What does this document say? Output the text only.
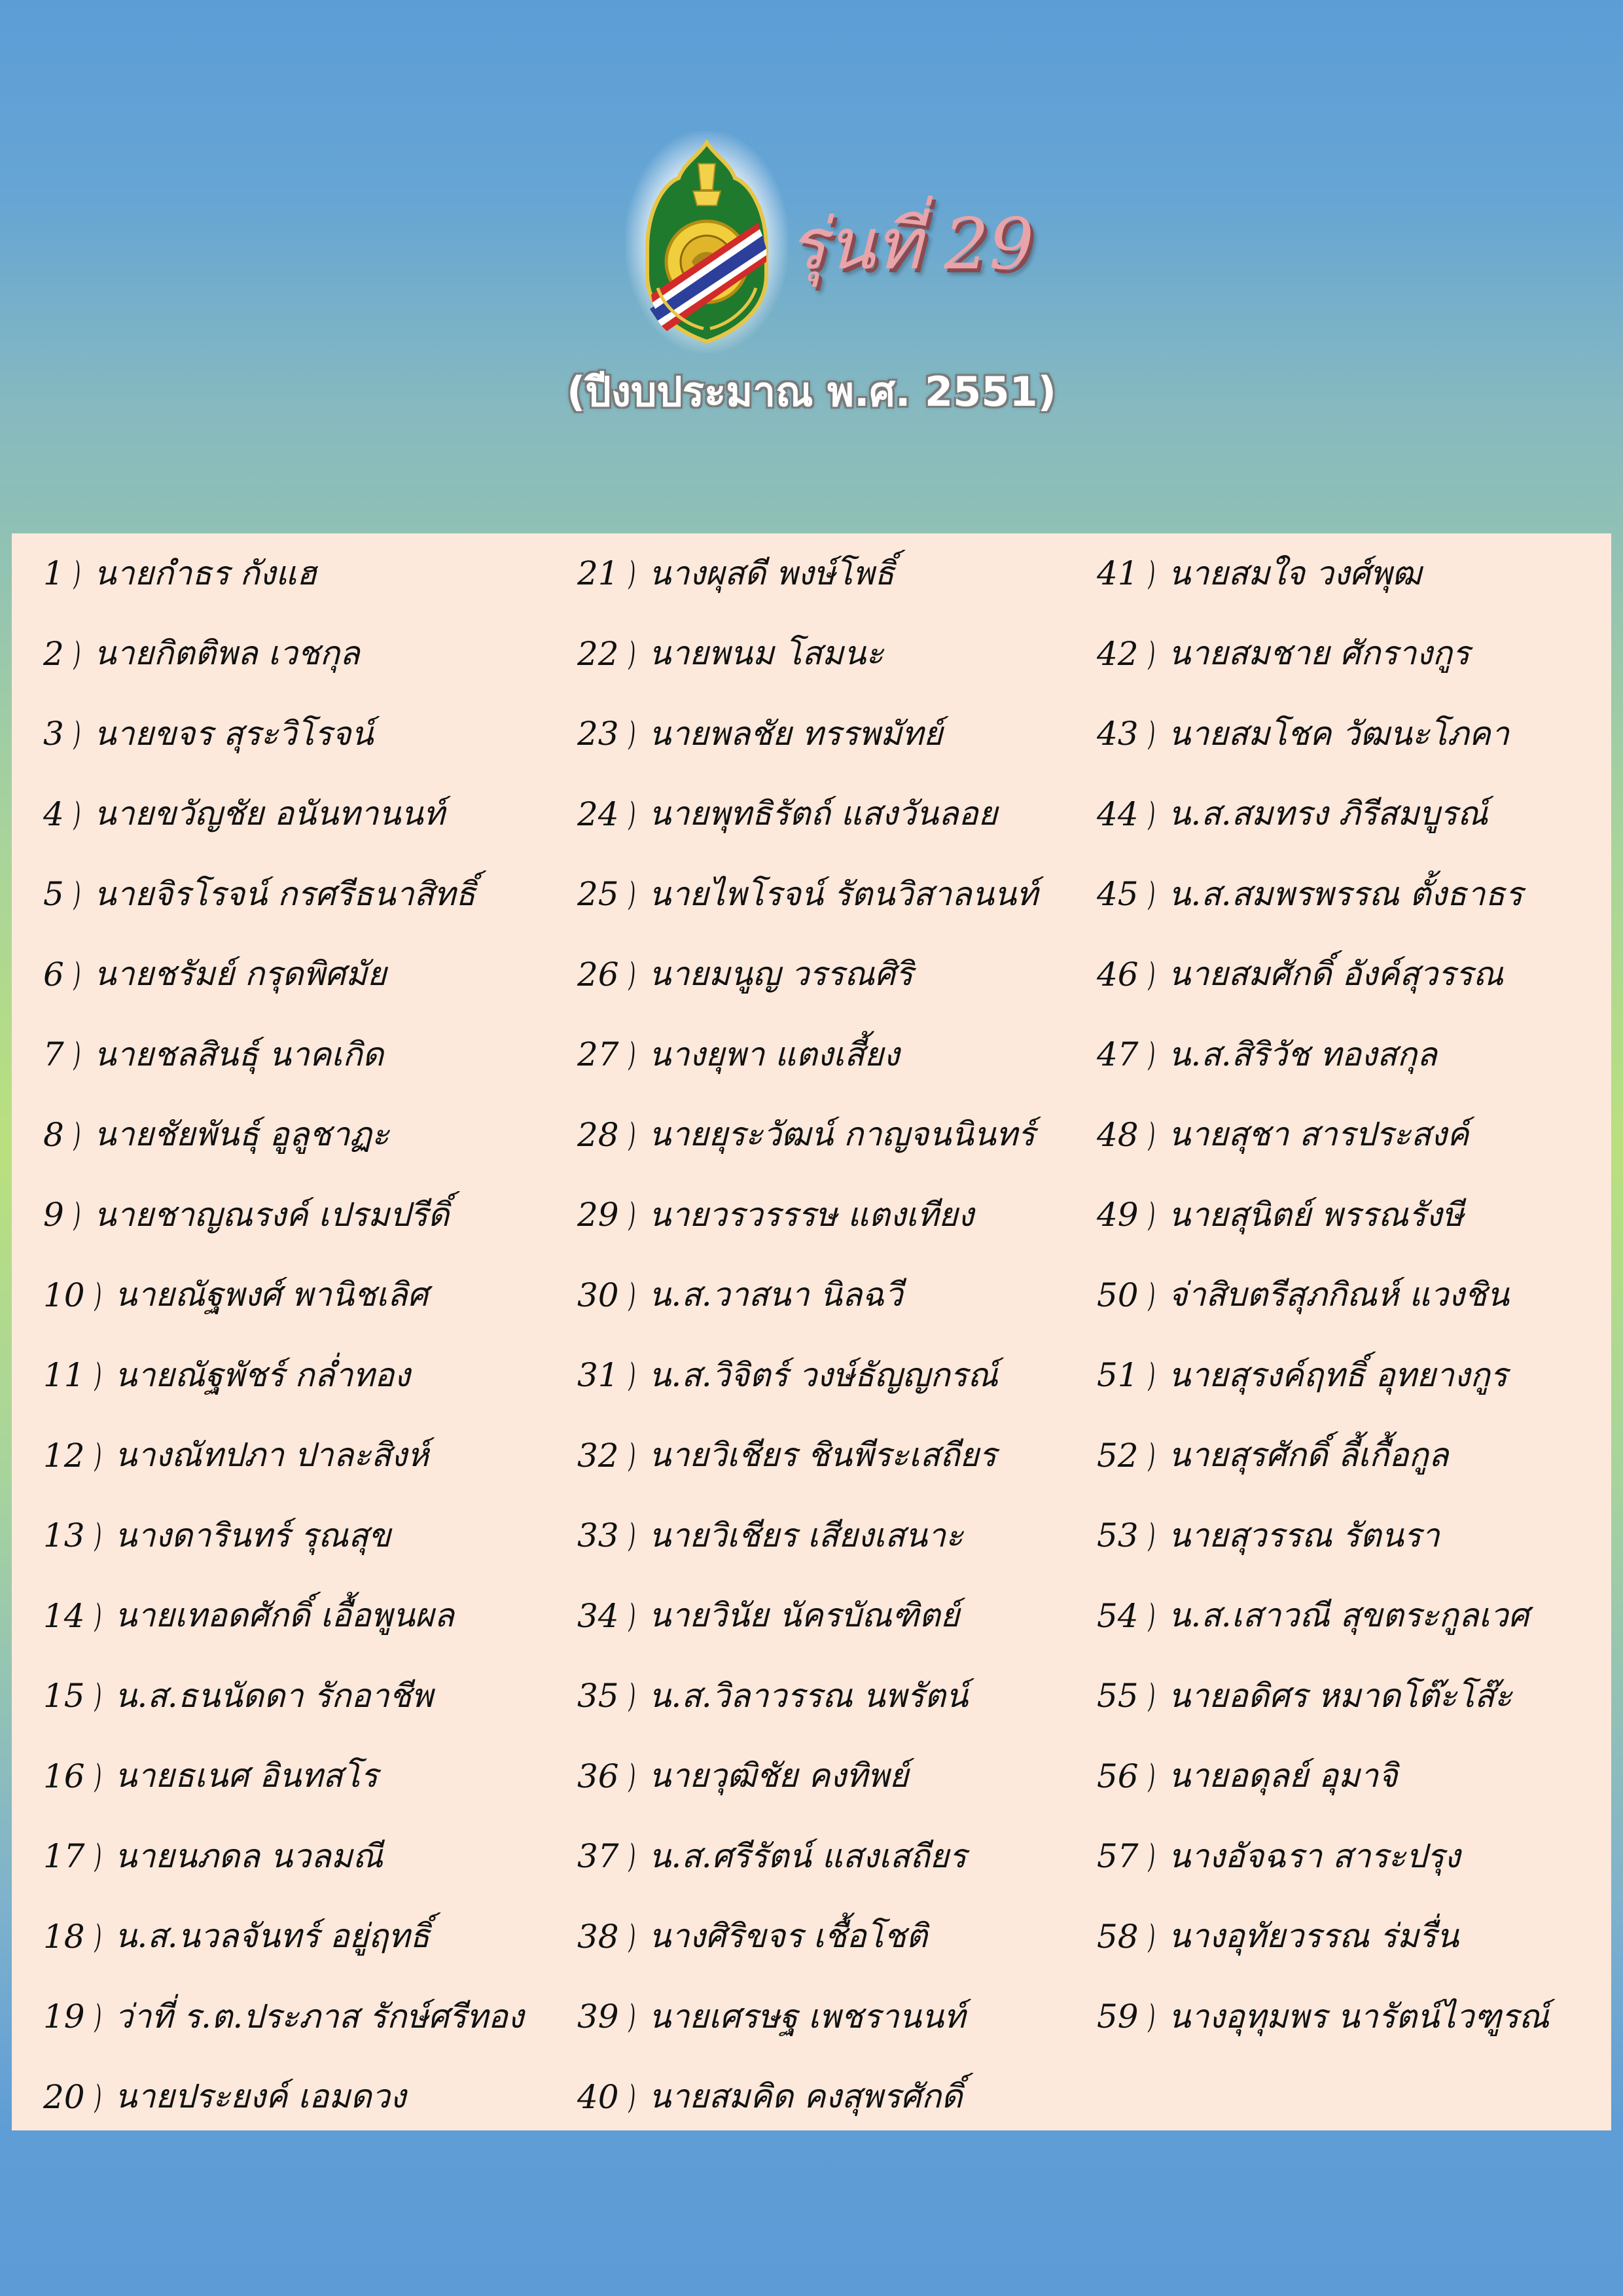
รุ่นที่ 29
(ปีงบประมาณ พ.ศ. 2551)
1 ) นายกำธร กังแฮ
2 ) นายกิตติพล เวชกุล
3 ) นายขจร สุระวิโรจน์
4 ) นายขวัญชัย อนันทานนท์
5 ) นายจิรโรจน์ กรศรีธนาสิทธิ์
6 ) นายชรัมย์ กรุดพิศมัย
7 ) นายชลสินธุ์ นาคเกิด
8 ) นายชัยพันธุ์ อูลูชาฏะ
9 ) นายชาญณรงค์ เปรมปรีดิ์
10 ) นายณัฐพงศ์ พานิชเลิศ
11 ) นายณัฐพัชร์ กล่ำทอง
12 ) นางณัทปภา ปาละสิงห์
13 ) นางดารินทร์ รุณสุข
14 ) นายเทอดศักดิ์ เอื้อพูนผล
15 ) น.ส.ธนนัดดา รักอาชีพ
16 ) นายธเนศ อินทสโร
17 ) นายนภดล นวลมณี
18 ) น.ส.นวลจันทร์ อยู่ฤทธิ์
19 ) ว่าที่ ร.ต.ประภาส รักษ์ศรีทอง
20 ) นายประยงค์ เอมดวง
21 ) นางผุสดี พงษ์โพธิ์
22 ) นายพนม โสมนะ
23 ) นายพลชัย ทรรพมัทย์
24 ) นายพุทธิรัตถ์ แสงวันลอย
25 ) นายไพโรจน์ รัตนวิสาลนนท์
26 ) นายมนูญ วรรณศิริ
27 ) นางยุพา แตงเสี้ยง
28 ) นายยุระวัฒน์ กาญจนนินทร์
29 ) นายวรวรรรษ แตงเทียง
30 ) น.ส.วาสนา นิลฉวี
31 ) น.ส.วิจิตร์ วงษ์ธัญญกรณ์
32 ) นายวิเชียร ชินพีระเสถียร
33 ) นายวิเชียร เสียงเสนาะ
34 ) นายวินัย นัครบัณฑิตย์
35 ) น.ส.วิลาวรรณ นพรัตน์
36 ) นายวุฒิชัย คงทิพย์
37 ) น.ส.ศรีรัตน์ แสงเสถียร
38 ) นางศิริขจร เชื้อโชติ
39 ) นายเศรษฐ เพชรานนท์
40 ) นายสมคิด คงสุพรศักดิ์
41 ) นายสมใจ วงศ์พุฒ
42 ) นายสมชาย ศักรางกูร
43 ) นายสมโชค วัฒนะโภคา
44 ) น.ส.สมทรง ภิรีสมบูรณ์
45 ) น.ส.สมพรพรรณ ตั้งธาธร
46 ) นายสมศักดิ์ อังค์สุวรรณ
47 ) น.ส.สิริวัช ทองสกุล
48 ) นายสุชา สารประสงค์
49 ) นายสุนิตย์ พรรณรังษี
50 ) จ่าสิบตรีสุภกิณห์ แวงชิน
51 ) นายสุรงค์ฤทธิ์ อุทยางกูร
52 ) นายสุรศักดิ์ ลี้เกื้อกูล
53 ) นายสุวรรณ รัตนรา
54 ) น.ส.เสาวณี สุขตระกูลเวศ
55 ) นายอดิศร หมาดโต๊ะโส๊ะ
56 ) นายอดุลย์ อุมาจิ
57 ) นางอัจฉรา สาระปรุง
58 ) นางอุทัยวรรณ ร่มรื่น
59 ) นางอุทุมพร นารัตน์ไวฑูรณ์
